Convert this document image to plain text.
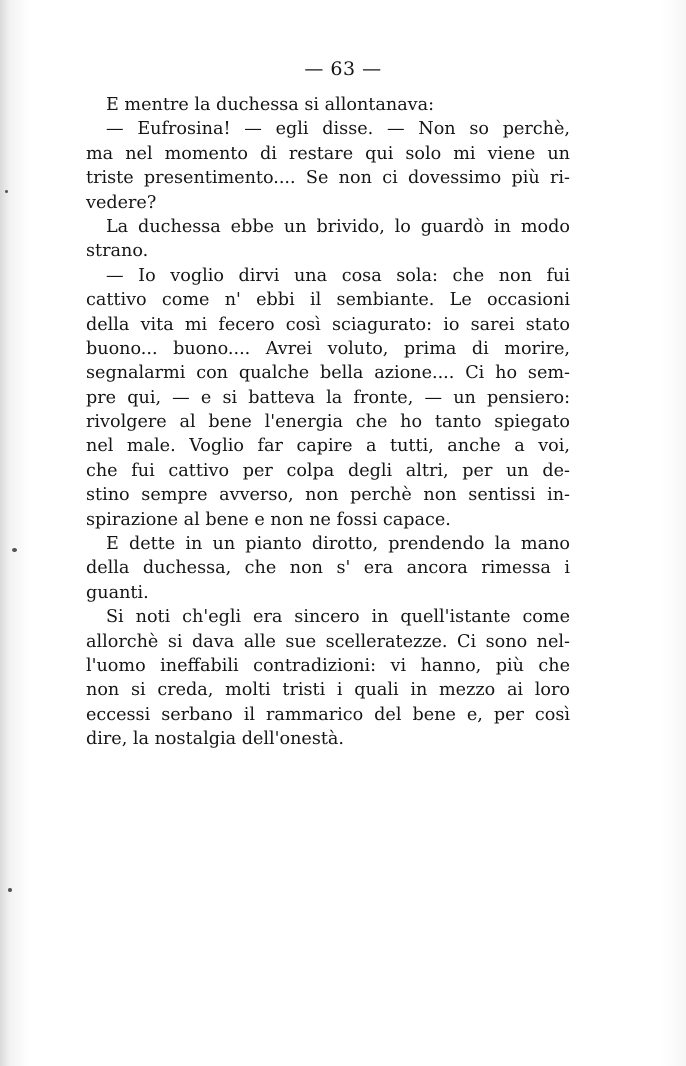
— 63 —
E mentre la duchessa si allontanava:
— Eufrosina! — egli disse. — Non so perchè,
ma nel momento di restare qui solo mi viene un
triste presentimento.... Se non ci dovessimo più ri-
vedere?
La duchessa ebbe un brivido, lo guardò in modo
strano.
— Io voglio dirvi una cosa sola: che non fui
cattivo come n' ebbi il sembiante. Le occasioni
della vita mi fecero così sciagurato: io sarei stato
buono... buono.... Avrei voluto, prima di morire,
segnalarmi con qualche bella azione.... Ci ho sem-
pre qui, — e si batteva la fronte, — un pensiero:
rivolgere al bene l'energia che ho tanto spiegato
nel male. Voglio far capire a tutti, anche a voi,
che fui cattivo per colpa degli altri, per un de-
stino sempre avverso, non perchè non sentissi in-
spirazione al bene e non ne fossi capace.
E dette in un pianto dirotto, prendendo la mano
della duchessa, che non s' era ancora rimessa i
guanti.
Si noti ch'egli era sincero in quell'istante come
allorchè si dava alle sue scelleratezze. Ci sono nel-
l'uomo ineffabili contradizioni: vi hanno, più che
non si creda, molti tristi i quali in mezzo ai loro
eccessi serbano il rammarico del bene e, per così
dire, la nostalgia dell'onestà.
